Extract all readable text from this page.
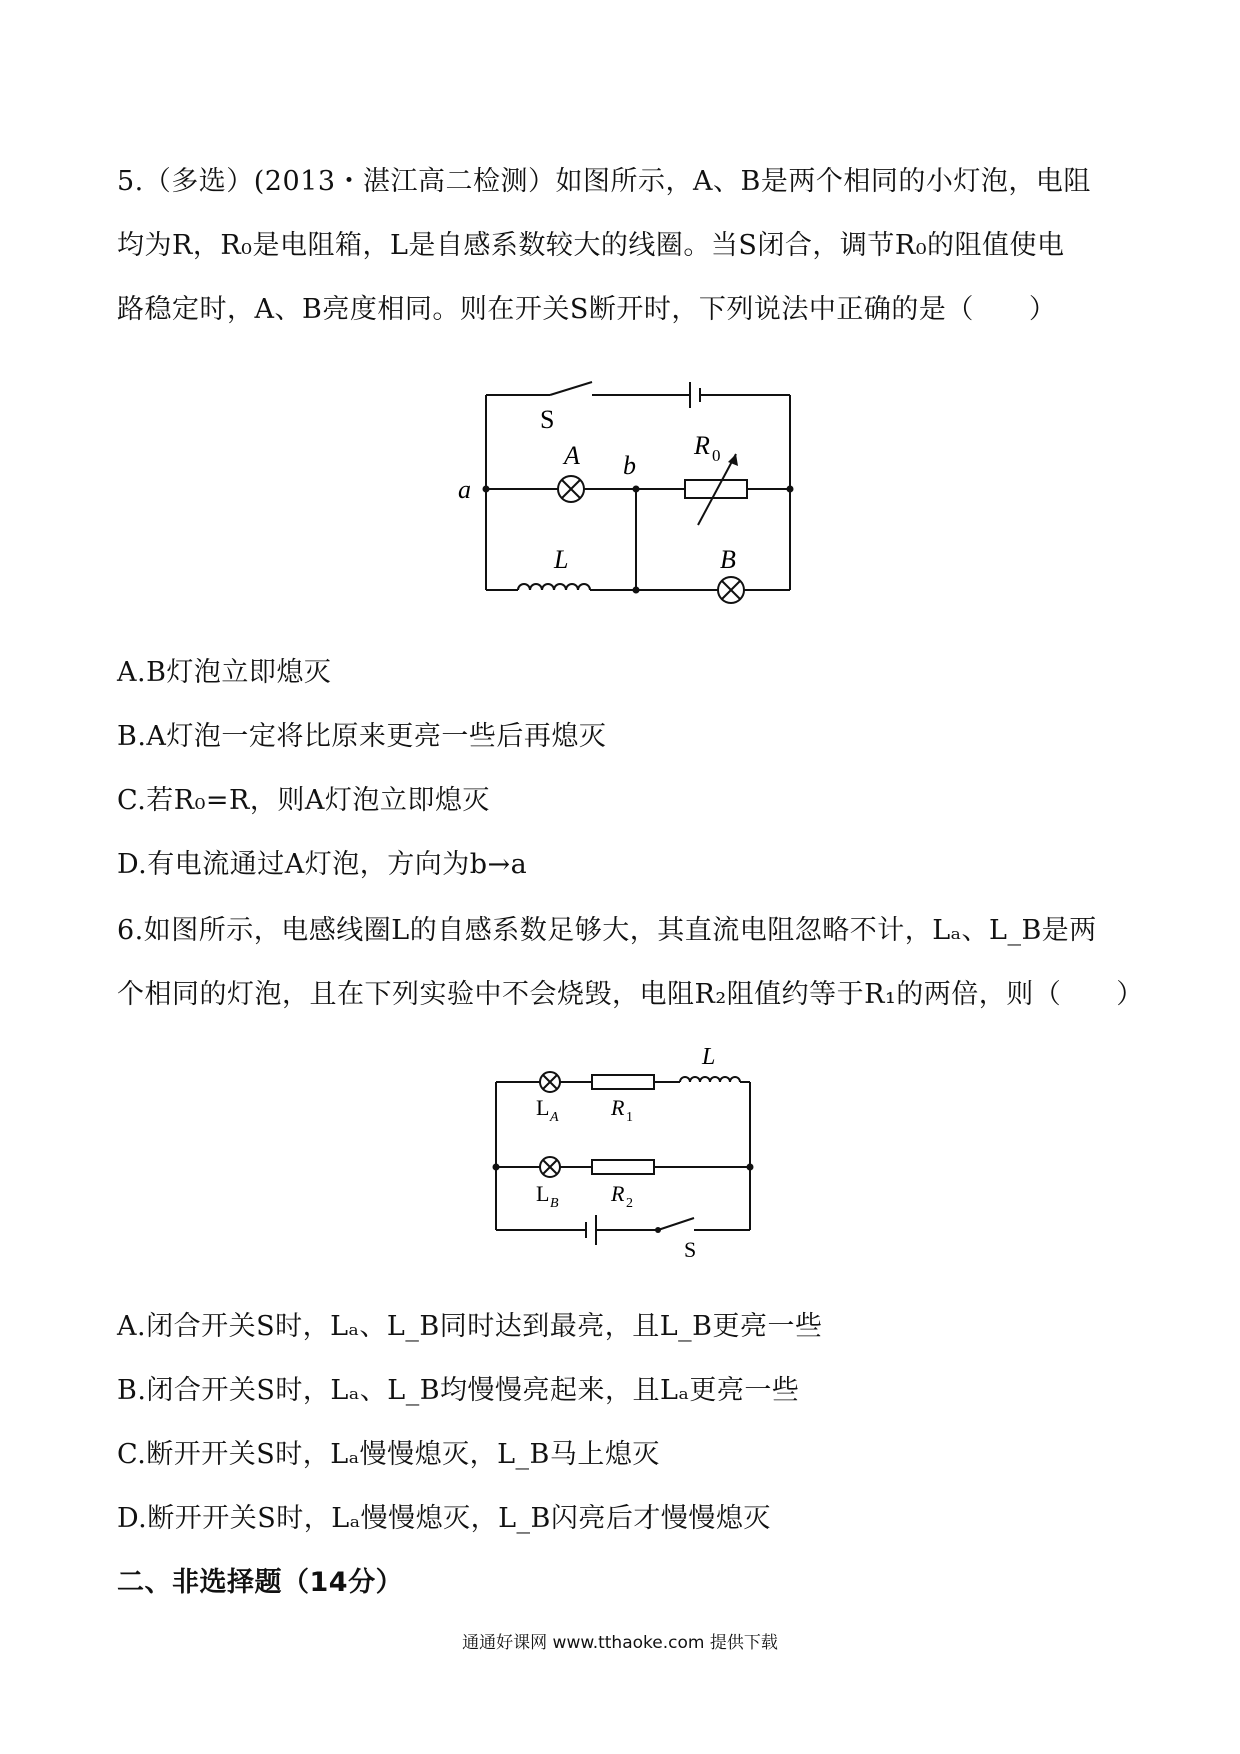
5.（多选）(2013・湛江高二检测）如图所示，A、B是两个相同的小灯泡，电阻
均为R，R₀是电阻箱，L是自感系数较大的线圈。当S闭合，调节R₀的阻值使电
路稳定时，A、B亮度相同。则在开关S断开时，下列说法中正确的是（　　）
S
A b
R 0
a
L	B
A.B灯泡立即熄灭
B.A灯泡一定将比原来更亮一些后再熄灭
C.若R₀=R，则A灯泡立即熄灭
D.有电流通过A灯泡，方向为b→a
6.如图所示，电感线圈L的自感系数足够大，其直流电阻忽略不计，Lₐ、L_B是两
个相同的灯泡，且在下列实验中不会烧毁，电阻R₂阻值约等于R₁的两倍，则（　　）
L
L A R 1
L B R 2
S
A.闭合开关S时，Lₐ、L_B同时达到最亮，且L_B更亮一些
B.闭合开关S时，Lₐ、L_B均慢慢亮起来，且Lₐ更亮一些
C.断开开关S时，Lₐ慢慢熄灭，L_B马上熄灭
D.断开开关S时，Lₐ慢慢熄灭，L_B闪亮后才慢慢熄灭
二、非选择题（14分）
通通好课网 www.tthaoke.com 提供下载
